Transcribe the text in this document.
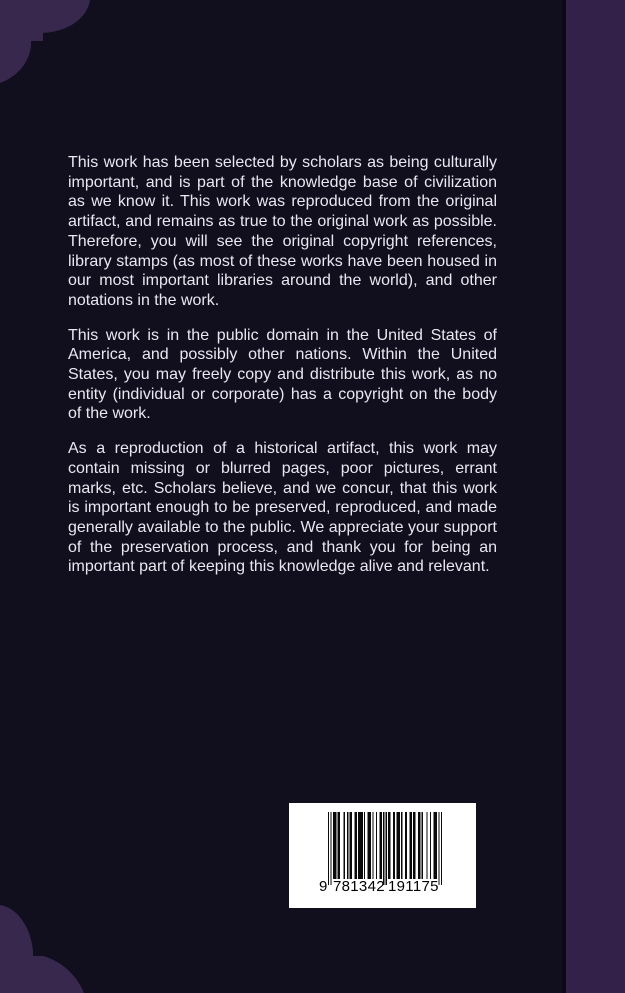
This work has been selected by scholars as being culturally important, and is part of the knowledge base of civilization as we know it. This work was reproduced from the original artifact, and remains as true to the original work as possible. Therefore, you will see the original copyright references, library stamps (as most of these works have been housed in our most important libraries around the world), and other notations in the work.

This work is in the public domain in the United States of America, and possibly other nations. Within the United States, you may freely copy and distribute this work, as no entity (individual or corporate) has a copyright on the body of the work.

As a reproduction of a historical artifact, this work may contain missing or blurred pages, poor pictures, errant marks, etc. Scholars believe, and we concur, that this work is important enough to be preserved, reproduced, and made generally available to the public. We appreciate your support of the preservation process, and thank you for being an important part of keeping this knowledge alive and relevant.

9 781342 191175
